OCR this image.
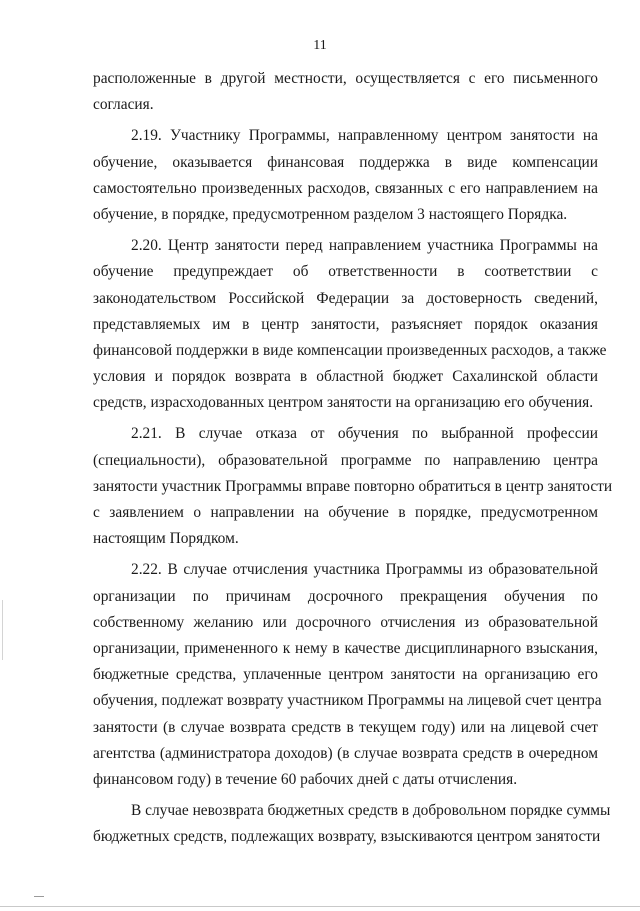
11
расположенные в другой местности, осуществляется с его письменного
согласия.
2.19. Участнику Программы, направленному центром занятости на
обучение, оказывается финансовая поддержка в виде компенсации
самостоятельно произведенных расходов, связанных с его направлением на
обучение, в порядке, предусмотренном разделом 3 настоящего Порядка.
2.20. Центр занятости перед направлением участника Программы на
обучение предупреждает об ответственности в соответствии с
законодательством Российской Федерации за достоверность сведений,
представляемых им в центр занятости, разъясняет порядок оказания
финансовой поддержки в виде компенсации произведенных расходов, а также
условия и порядок возврата в областной бюджет Сахалинской области
средств, израсходованных центром занятости на организацию его обучения.
2.21. В случае отказа от обучения по выбранной профессии
(специальности), образовательной программе по направлению центра
занятости участник Программы вправе повторно обратиться в центр занятости
с заявлением о направлении на обучение в порядке, предусмотренном
настоящим Порядком.
2.22. В случае отчисления участника Программы из образовательной
организации по причинам досрочного прекращения обучения по
собственному желанию или досрочного отчисления из образовательной
организации, примененного к нему в качестве дисциплинарного взыскания,
бюджетные средства, уплаченные центром занятости на организацию его
обучения, подлежат возврату участником Программы на лицевой счет центра
занятости (в случае возврата средств в текущем году) или на лицевой счет
агентства (администратора доходов) (в случае возврата средств в очередном
финансовом году) в течение 60 рабочих дней с даты отчисления.
В случае невозврата бюджетных средств в добровольном порядке суммы
бюджетных средств, подлежащих возврату, взыскиваются центром занятости
